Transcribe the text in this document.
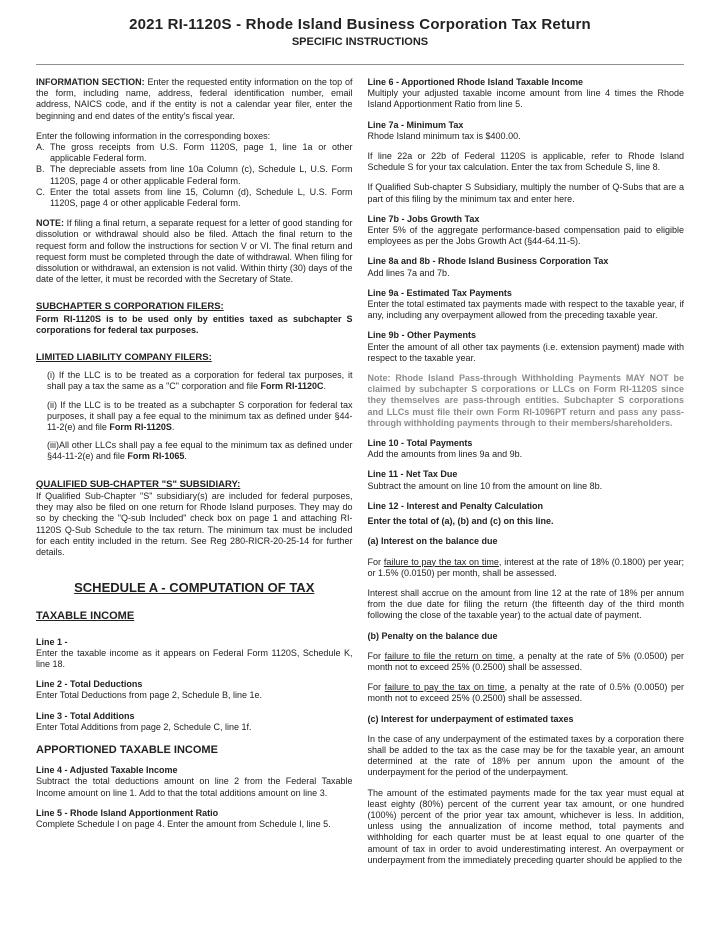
2021 RI-1120S - Rhode Island Business Corporation Tax Return
SPECIFIC INSTRUCTIONS
INFORMATION SECTION: Enter the requested entity information on the top of the form, including name, address, federal identification number, email address, NAICS code, and if the entity is not a calendar year filer, enter the beginning and end dates of the entity's fiscal year.
Enter the following information in the corresponding boxes:
A. The gross receipts from U.S. Form 1120S, page 1, line 1a or other applicable Federal form.
B. The depreciable assets from line 10a Column (c), Schedule L, U.S. Form 1120S, page 4 or other applicable Federal form.
C. Enter the total assets from line 15, Column (d), Schedule L, U.S. Form 1120S, page 4 or other applicable Federal form.
NOTE: If filing a final return, a separate request for a letter of good standing for dissolution or withdrawal should also be filed. Attach the final return to the request form and follow the instructions for section V or VI. The final return and request form must be completed through the date of withdrawal. When filing for dissolution or withdrawal, an extension is not valid. Within thirty (30) days of the date of the letter, it must be recorded with the Secretary of State.
SUBCHAPTER S CORPORATION FILERS:
Form RI-1120S is to be used only by entities taxed as subchapter S corporations for federal tax purposes.
LIMITED LIABILITY COMPANY FILERS:
(i) If the LLC is to be treated as a corporation for federal tax purposes, it shall pay a tax the same as a "C" corporation and file Form RI-1120C.
(ii) If the LLC is to be treated as a subchapter S corporation for federal tax purposes, it shall pay a fee equal to the minimum tax as defined under §44-11-2(e) and file Form RI-1120S.
(iii)All other LLCs shall pay a fee equal to the minimum tax as defined under §44-11-2(e) and file Form RI-1065.
QUALIFIED SUB-CHAPTER "S" SUBSIDIARY:
If Qualified Sub-Chapter "S" subsidiary(s) are included for federal purposes, they may also be filed on one return for Rhode Island purposes. They may do so by checking the "Q-sub Included" check box on page 1 and attaching RI-1120S Q-Sub Schedule to the tax return. The minimum tax must be included for each entity included in the return. See Reg 280-RICR-20-25-14 for further details.
SCHEDULE A - COMPUTATION OF TAX
TAXABLE INCOME
Line 1 -
Enter the taxable income as it appears on Federal Form 1120S, Schedule K, line 18.
Line 2 - Total Deductions
Enter Total Deductions from page 2, Schedule B, line 1e.
Line 3 - Total Additions
Enter Total Additions from page 2, Schedule C, line 1f.
APPORTIONED TAXABLE INCOME
Line 4 - Adjusted Taxable Income
Subtract the total deductions amount on line 2 from the Federal Taxable Income amount on line 1. Add to that the total additions amount on line 3.
Line 5 - Rhode Island Apportionment Ratio
Complete Schedule I on page 4. Enter the amount from Schedule I, line 5.
Line 6 - Apportioned Rhode Island Taxable Income
Multiply your adjusted taxable income amount from line 4 times the Rhode Island Apportionment Ratio from line 5.
Line 7a - Minimum Tax
Rhode Island minimum tax is $400.00.
If line 22a or 22b of Federal 1120S is applicable, refer to Rhode Island Schedule S for your tax calculation. Enter the tax from Schedule S, line 8.
If Qualified Sub-chapter S Subsidiary, multiply the number of Q-Subs that are a part of this filing by the minimum tax and enter here.
Line 7b - Jobs Growth Tax
Enter 5% of the aggregate performance-based compensation paid to eligible employees as per the Jobs Growth Act (§44-64.11-5).
Line 8a and 8b - Rhode Island Business Corporation Tax
Add lines 7a and 7b.
Line 9a - Estimated Tax Payments
Enter the total estimated tax payments made with respect to the taxable year, if any, including any overpayment allowed from the preceding taxable year.
Line 9b - Other Payments
Enter the amount of all other tax payments (i.e. extension payment) made with respect to the taxable year.
Note: Rhode Island Pass-through Withholding Payments MAY NOT be claimed by subchapter S corporations or LLCs on Form RI-1120S since they themselves are pass-through entities. Subchapter S corporations and LLCs must file their own Form RI-1096PT return and pass any pass-through withholding payments through to their members/shareholders.
Line 10 - Total Payments
Add the amounts from lines 9a and 9b.
Line 11 - Net Tax Due
Subtract the amount on line 10 from the amount on line 8b.
Line 12 - Interest and Penalty Calculation
Enter the total of (a), (b) and (c) on this line.
(a) Interest on the balance due
For failure to pay the tax on time, interest at the rate of 18% (0.1800) per year; or 1.5% (0.0150) per month, shall be assessed.
Interest shall accrue on the amount from line 12 at the rate of 18% per annum from the due date for filing the return (the fifteenth day of the third month following the close of the taxable year) to the actual date of payment.
(b) Penalty on the balance due
For failure to file the return on time, a penalty at the rate of 5% (0.0500) per month not to exceed 25% (0.2500) shall be assessed.
For failure to pay the tax on time, a penalty at the rate of 0.5% (0.0050) per month not to exceed 25% (0.2500) shall be assessed.
(c) Interest for underpayment of estimated taxes
In the case of any underpayment of the estimated taxes by a corporation there shall be added to the tax as the case may be for the taxable year, an amount determined at the rate of 18% per annum upon the amount of the underpayment for the period of the underpayment.
The amount of the estimated payments made for the tax year must equal at least eighty (80%) percent of the current year tax amount, or one hundred (100%) percent of the prior year tax amount, whichever is less. In addition, unless using the annualization of income method, total payments and withholding for each quarter must be at least equal to one quarter of the amount of tax in order to avoid underestimating interest. An overpayment or underpayment from the immediately preceding quarter should be applied to the
